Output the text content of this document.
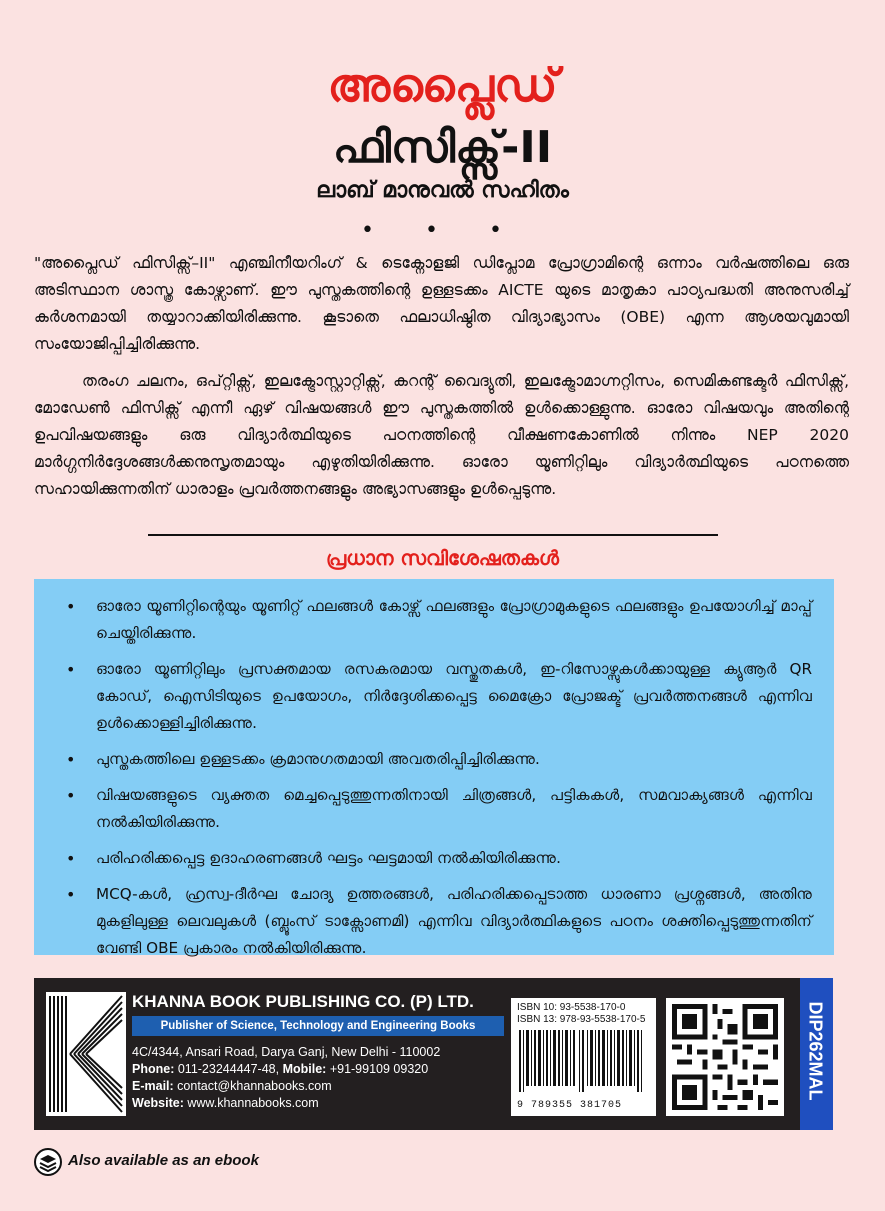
അപ്ലൈഡ്
ഫിസിക്സ്-II
ലാബ് മാനുവൽ സഹിതം
• • •

"അപ്ലൈഡ് ഫിസിക്സ്–II" എഞ്ചിനീയറിംഗ് & ടെക്നോളജി ഡിപ്ലോമ പ്രോഗ്രാമിന്റെ ഒന്നാം വർഷത്തിലെ ഒരു അടിസ്ഥാന ശാസ്ത്ര കോഴ്സാണ്. ഈ പുസ്തകത്തിന്റെ ഉള്ളടക്കം AICTE യുടെ മാതൃകാ പാഠ്യപദ്ധതി അനുസരിച്ച് കർശനമായി തയ്യാറാക്കിയിരിക്കുന്നു. കൂടാതെ ഫലാധിഷ്ഠിത വിദ്യാഭ്യാസം (OBE) എന്ന ആശയവുമായി സംയോജിപ്പിച്ചിരിക്കുന്നു.

തരംഗ ചലനം, ഒപ്റ്റിക്സ്, ഇലക്ട്രോസ്റ്റാറ്റിക്സ്, കറന്റ് വൈദ്യുതി, ഇലക്ട്രോമാഗ്നറ്റിസം, സെമികണ്ടക്ടർ ഫിസിക്സ്, മോഡേൺ ഫിസിക്സ് എന്നീ ഏഴ് വിഷയങ്ങൾ ഈ പുസ്തകത്തിൽ ഉൾക്കൊള്ളുന്നു. ഓരോ വിഷയവും അതിന്റെ ഉപവിഷയങ്ങളും ഒരു വിദ്യാർത്ഥിയുടെ പഠനത്തിന്റെ വീക്ഷണകോണിൽ നിന്നും NEP 2020 മാർഗ്ഗനിർദ്ദേശങ്ങൾക്കനുസൃതമായും എഴുതിയിരിക്കുന്നു. ഓരോ യൂണിറ്റിലും വിദ്യാർത്ഥിയുടെ പഠനത്തെ സഹായിക്കുന്നതിന് ധാരാളം പ്രവർത്തനങ്ങളും അഭ്യാസങ്ങളും ഉൾപ്പെടുന്നു.

പ്രധാന സവിശേഷതകൾ
• ഓരോ യൂണിറ്റിന്റെയും യൂണിറ്റ് ഫലങ്ങൾ കോഴ്സ് ഫലങ്ങളും പ്രോഗ്രാമുകളുടെ ഫലങ്ങളും ഉപയോഗിച്ച് മാപ്പ് ചെയ്തിരിക്കുന്നു.
• ഓരോ യൂണിറ്റിലും പ്രസക്തമായ രസകരമായ വസ്തുതകൾ, ഇ-റിസോഴ്സുകൾക്കായുള്ള ക്യുആർ QR കോഡ്, ഐസിടിയുടെ ഉപയോഗം, നിർദ്ദേശിക്കപ്പെട്ട മൈക്രോ പ്രോജക്ട് പ്രവർത്തനങ്ങൾ എന്നിവ ഉൾക്കൊള്ളിച്ചിരിക്കുന്നു.
• പുസ്തകത്തിലെ ഉള്ളടക്കം ക്രമാനുഗതമായി അവതരിപ്പിച്ചിരിക്കുന്നു.
• വിഷയങ്ങളുടെ വ്യക്തത മെച്ചപ്പെടുത്തുന്നതിനായി ചിത്രങ്ങൾ, പട്ടികകൾ, സമവാക്യങ്ങൾ എന്നിവ നൽകിയിരിക്കുന്നു.
• പരിഹരിക്കപ്പെട്ട ഉദാഹരണങ്ങൾ ഘട്ടം ഘട്ടമായി നൽകിയിരിക്കുന്നു.
• MCQ-കൾ, ഹ്രസ്വ-ദീർഘ ചോദ്യ ഉത്തരങ്ങൾ, പരിഹരിക്കപ്പെടാത്ത ധാരണാ പ്രശ്നങ്ങൾ, അതിനു മുകളിലുള്ള ലെവലുകൾ (ബ്ലൂംസ് ടാക്സോണമി) എന്നിവ വിദ്യാർത്ഥികളുടെ പഠനം ശക്തിപ്പെടുത്തുന്നതിന് വേണ്ടി OBE പ്രകാരം നൽകിയിരിക്കുന്നു.
KHANNA BOOK PUBLISHING CO. (P) LTD.
Publisher of Science, Technology and Engineering Books
4C/4344, Ansari Road, Darya Ganj, New Delhi - 110002
Phone: 011-23244447-48, Mobile: +91-99109 09320
E-mail: contact@khannabooks.com
Website: www.khannabooks.com
ISBN 10: 93-5538-170-0
ISBN 13: 978-93-5538-170-5
9 789355 381705
DIP262MAL
Also available as an ebook
